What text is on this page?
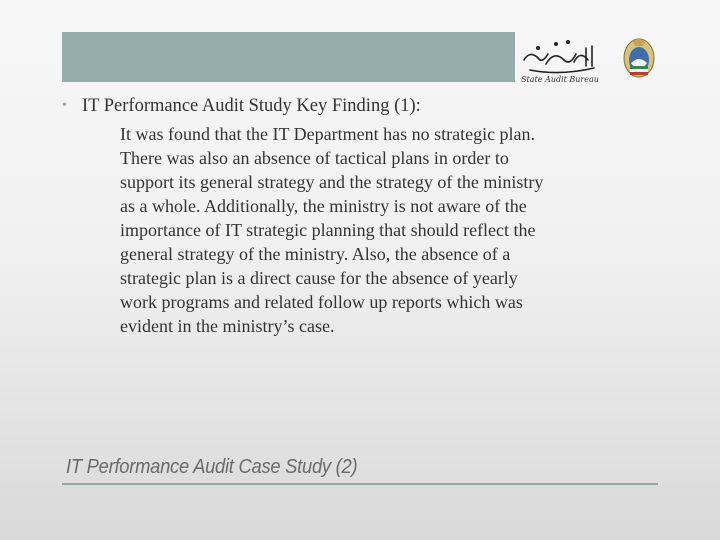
State Audit Bureau
• IT Performance Audit Study Key Finding (1):
It was found that the IT Department has no strategic plan.
There was also an absence of tactical plans in order to
support its general strategy and the strategy of the ministry
as a whole. Additionally, the ministry is not aware of the
importance of IT strategic planning that should reflect the
general strategy of the ministry. Also, the absence of a
strategic plan is a direct cause for the absence of yearly
work programs and related follow up reports which was
evident in the ministry’s case.
IT Performance Audit Case Study (2)
